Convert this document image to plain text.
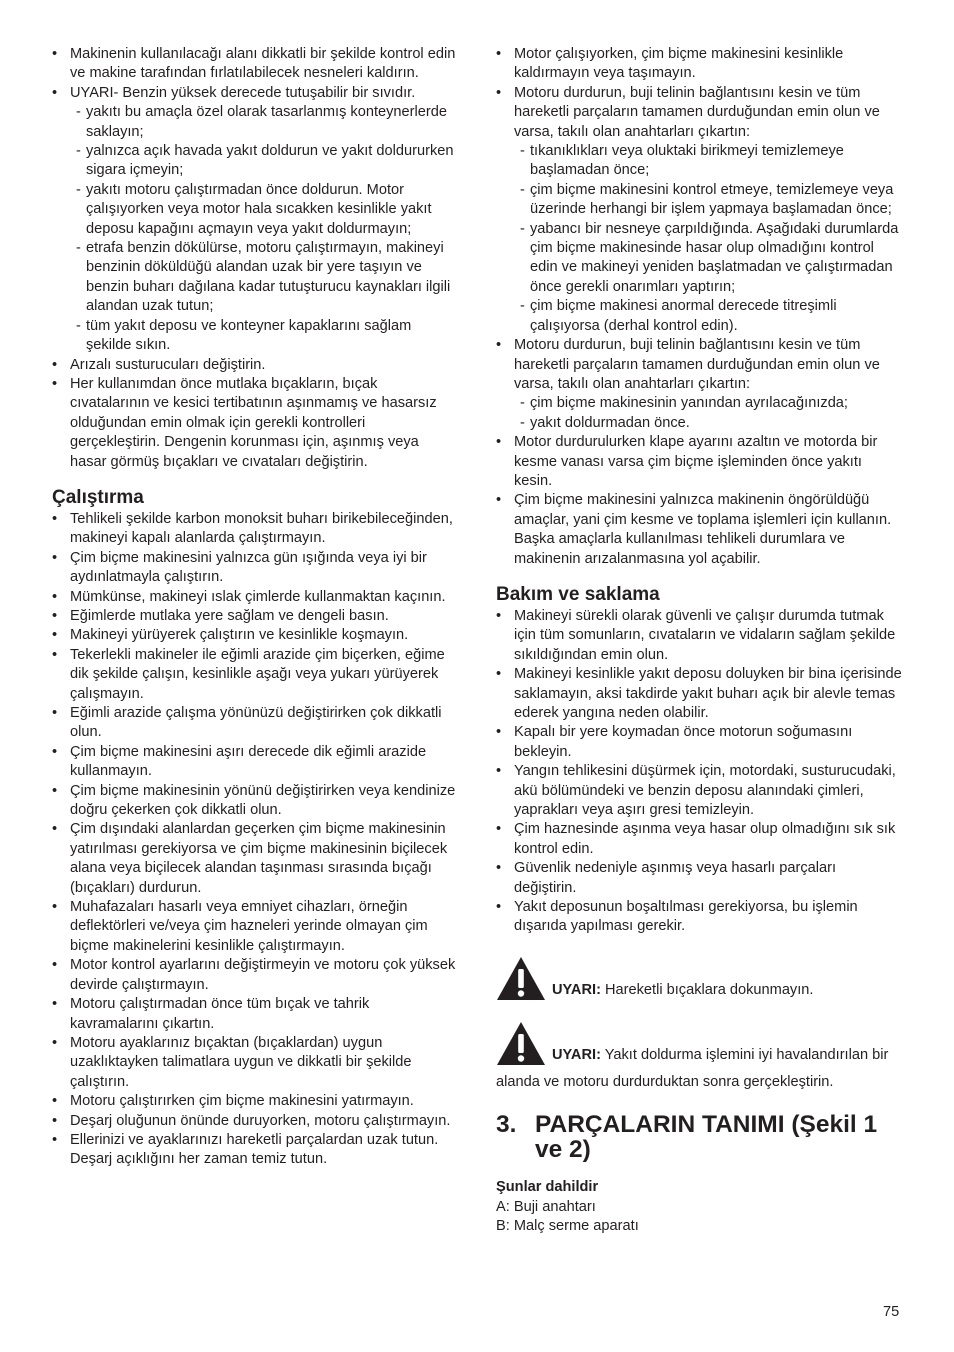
• Makinenin kullanılacağı alanı dikkatli bir şekilde kontrol edin ve makine tarafından fırlatılabilecek nesneleri kaldırın.

• UYARI- Benzin yüksek derecede tutuşabilir bir sıvıdır.

- yakıtı bu amaçla özel olarak tasarlanmış konteynerlerde saklayın;

- yalnızca açık havada yakıt doldurun ve yakıt doldururken sigara içmeyin;

- yakıtı motoru çalıştırmadan önce doldurun. Motor çalışıyorken veya motor hala sıcakken kesinlikle yakıt deposu kapağını açmayın veya yakıt doldurmayın;

- etrafa benzin dökülürse, motoru çalıştırmayın, makineyi benzinin döküldüğü alandan uzak bir yere taşıyın ve benzin buharı dağılana kadar tutuşturucu kaynakları ilgili alandan uzak tutun;

- tüm yakıt deposu ve konteyner kapaklarını sağlam şekilde sıkın.

• Arızalı susturucuları değiştirin.

• Her kullanımdan önce mutlaka bıçakların, bıçak cıvatalarının ve kesici tertibatının aşınmamış ve hasarsız olduğundan emin olmak için gerekli kontrolleri gerçekleştirin. Dengenin korunması için, aşınmış veya hasar görmüş bıçakları ve cıvataları değiştirin.

Çalıştırma

• Tehlikeli şekilde karbon monoksit buharı birikebileceğinden, makineyi kapalı alanlarda çalıştırmayın.

• Çim biçme makinesini yalnızca gün ışığında veya iyi bir aydınlatmayla çalıştırın.

• Mümkünse, makineyi ıslak çimlerde kullanmaktan kaçının.

• Eğimlerde mutlaka yere sağlam ve dengeli basın.

• Makineyi yürüyerek çalıştırın ve kesinlikle koşmayın.

• Tekerlekli makineler ile eğimli arazide çim biçerken, eğime dik şekilde çalışın, kesinlikle aşağı veya yukarı yürüyerek çalışmayın.

• Eğimli arazide çalışma yönünüzü değiştirirken çok dikkatli olun.

• Çim biçme makinesini aşırı derecede dik eğimli arazide kullanmayın.

• Çim biçme makinesinin yönünü değiştirirken veya kendinize doğru çekerken çok dikkatli olun.

• Çim dışındaki alanlardan geçerken çim biçme makinesinin yatırılması gerekiyorsa ve çim biçme makinesinin biçilecek alana veya biçilecek alandan taşınması sırasında bıçağı (bıçakları) durdurun.

• Muhafazaları hasarlı veya emniyet cihazları, örneğin deflektörleri ve/veya çim hazneleri yerinde olmayan çim biçme makinelerini kesinlikle çalıştırmayın.

• Motor kontrol ayarlarını değiştirmeyin ve motoru çok yüksek devirde çalıştırmayın.

• Motoru çalıştırmadan önce tüm bıçak ve tahrik kavramalarını çıkartın.

• Motoru ayaklarınız bıçaktan (bıçaklardan) uygun uzaklıktayken talimatlara uygun ve dikkatli bir şekilde çalıştırın.

• Motoru çalıştırırken çim biçme makinesini yatırmayın.

• Deşarj oluğunun önünde duruyorken, motoru çalıştırmayın.

• Ellerinizi ve ayaklarınızı hareketli parçalardan uzak tutun. Deşarj açıklığını her zaman temiz tutun.

• Motor çalışıyorken, çim biçme makinesini kesinlikle kaldırmayın veya taşımayın.

• Motoru durdurun, buji telinin bağlantısını kesin ve tüm hareketli parçaların tamamen durduğundan emin olun ve varsa, takılı olan anahtarları çıkartın:

- tıkanıklıkları veya oluktaki birikmeyi temizlemeye başlamadan önce;

- çim biçme makinesini kontrol etmeye, temizlemeye veya üzerinde herhangi bir işlem yapmaya başlamadan önce;

- yabancı bir nesneye çarpıldığında. Aşağıdaki durumlarda çim biçme makinesinde hasar olup olmadığını kontrol edin ve makineyi yeniden başlatmadan ve çalıştırmadan önce gerekli onarımları yaptırın;

- çim biçme makinesi anormal derecede titreşimli çalışıyorsa (derhal kontrol edin).

• Motoru durdurun, buji telinin bağlantısını kesin ve tüm hareketli parçaların tamamen durduğundan emin olun ve varsa, takılı olan anahtarları çıkartın:

- çim biçme makinesinin yanından ayrılacağınızda;

- yakıt doldurmadan önce.

• Motor durdurulurken klape ayarını azaltın ve motorda bir kesme vanası varsa çim biçme işleminden önce yakıtı kesin.

• Çim biçme makinesini yalnızca makinenin öngörüldüğü amaçlar, yani çim kesme ve toplama işlemleri için kullanın. Başka amaçlarla kullanılması tehlikeli durumlara ve makinenin arızalanmasına yol açabilir.

Bakım ve saklama

• Makineyi sürekli olarak güvenli ve çalışır durumda tutmak için tüm somunların, cıvataların ve vidaların sağlam şekilde sıkıldığından emin olun.

• Makineyi kesinlikle yakıt deposu doluyken bir bina içerisinde saklamayın, aksi takdirde yakıt buharı açık bir alevle temas ederek yangına neden olabilir.

• Kapalı bir yere koymadan önce motorun soğumasını bekleyin.

• Yangın tehlikesini düşürmek için, motordaki, susturucudaki, akü bölümündeki ve benzin deposu alanındaki çimleri, yaprakları veya aşırı gresi temizleyin.

• Çim haznesinde aşınma veya hasar olup olmadığını sık sık kontrol edin.

• Güvenlik nedeniyle aşınmış veya hasarlı parçaları değiştirin.

• Yakıt deposunun boşaltılması gerekiyorsa, bu işlemin dışarıda yapılması gerekir.

UYARI: Hareketli bıçaklara dokunmayın.

UYARI: Yakıt doldurma işlemini iyi havalandırılan bir alanda ve motoru durdurduktan sonra gerçekleştirin.

3. PARÇALARIN TANIMI (Şekil 1 ve 2)

Şunlar dahildir

A: Buji anahtarı

B: Malç serme aparatı

75
